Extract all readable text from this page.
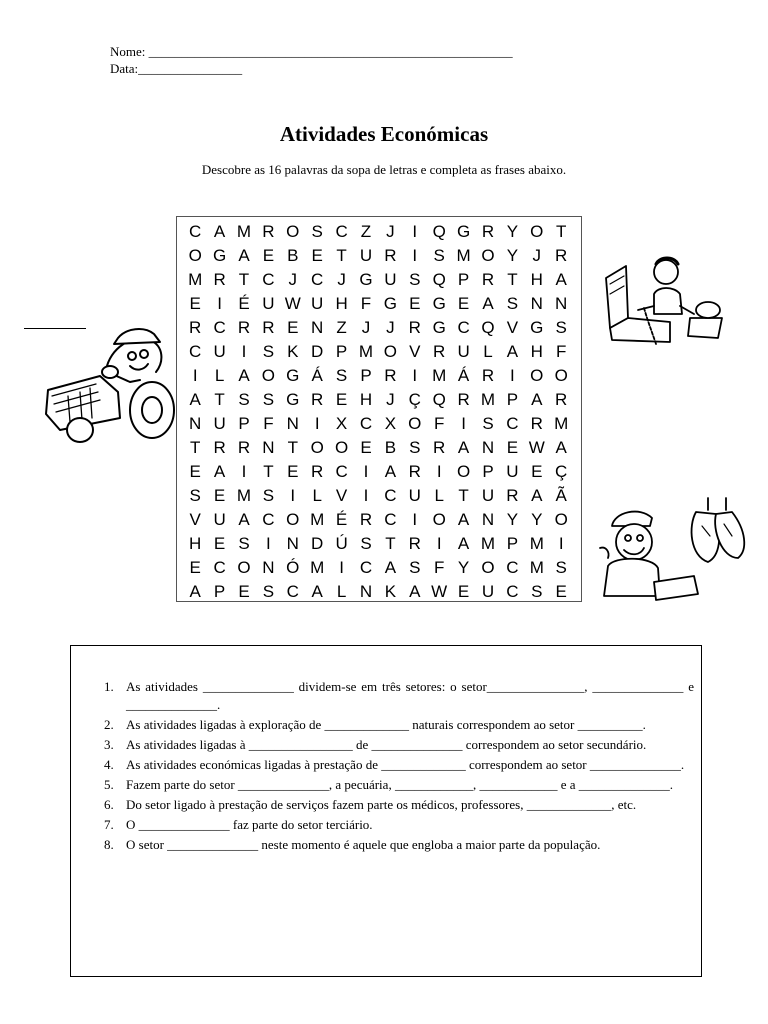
Nome: ________________________________________________________
Data:________________
Atividades Económicas
Descobre as 16 palavras da sopa de letras e completa as frases abaixo.
C A M R O S C Z J	I Q G R Y O T
O G A E B E T U R I S M O Y J R
M R T C J C J G U S Q P R T H A
E I É U W U H F G E G E A S N N
R C R R E N Z J J R G C Q V G S
C U I S K D P M O V R U L A H F
I	L A O G Á S P R I M Á R I O O
A T S S G R E H J Ç Q R M P A R
N U P F N I X C X O F I S C R M
T R R N T O O E B S R A N E W A
E A I T E R C I A R I O P U E Ç
S E M S I	L V I C U L T U R A Ã
V U A C O M É R C I O A N Y Y O
H E S I N D Ú S T R I A M P M I
E C O N Ó M I C A S F Y O C M S
A P E S C A L N K A W E U C S E
1. As atividades ______________ dividem-se em três setores: o setor_______________, ______________ e ______________.
2. As atividades ligadas à exploração de _____________ naturais correspondem ao setor __________.
3. As atividades ligadas à ________________ de ______________ correspondem ao setor secundário.
4. As atividades económicas ligadas à prestação de _____________ correspondem ao setor ______________.
5. Fazem parte do setor ______________, a pecuária, ____________, ____________ e a ______________.
6. Do setor ligado à prestação de serviços fazem parte os médicos, professores, _____________, etc.
7. O ______________ faz parte do setor terciário.
8. O setor ______________ neste momento é aquele que engloba a maior parte da população.
